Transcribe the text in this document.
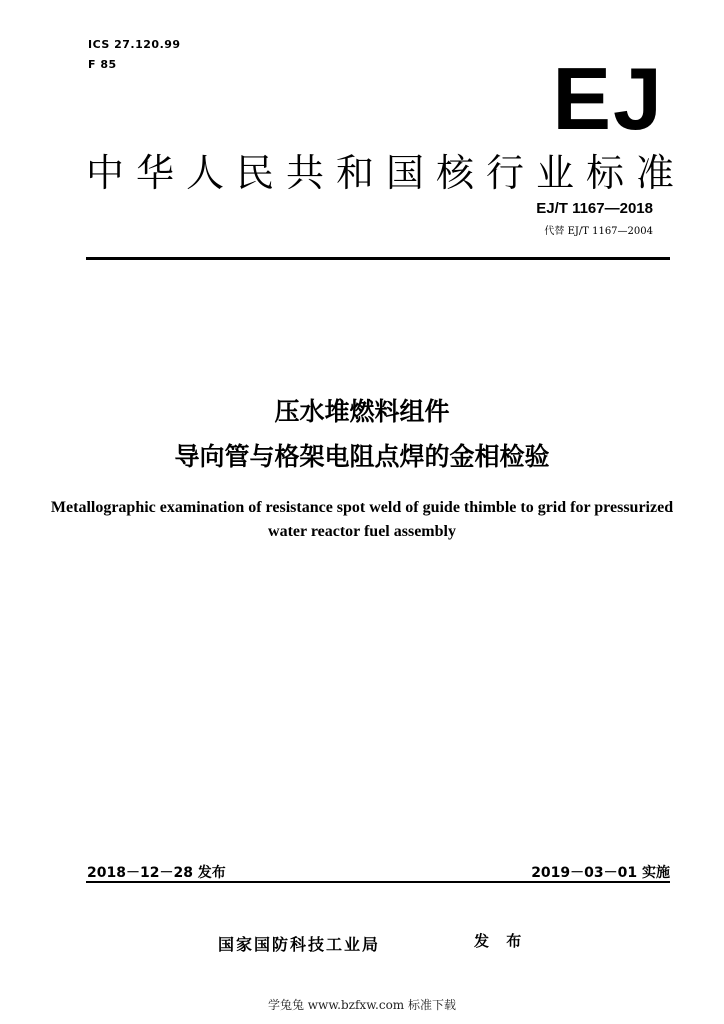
ICS 27.120.99
F 85	EJ
中华人民共和国核行业标准
EJ/T 1167—2018
代替 EJ/T 1167—2004
压水堆燃料组件
导向管与格架电阻点焊的金相检验
Metallographic examination of resistance spot weld of guide thimble to grid for pressurized water reactor fuel assembly
2018－12－28 发布	2019－03－01 实施
国家国防科技工业局	发 布
学兔兔 www.bzfxw.com 标准下载
